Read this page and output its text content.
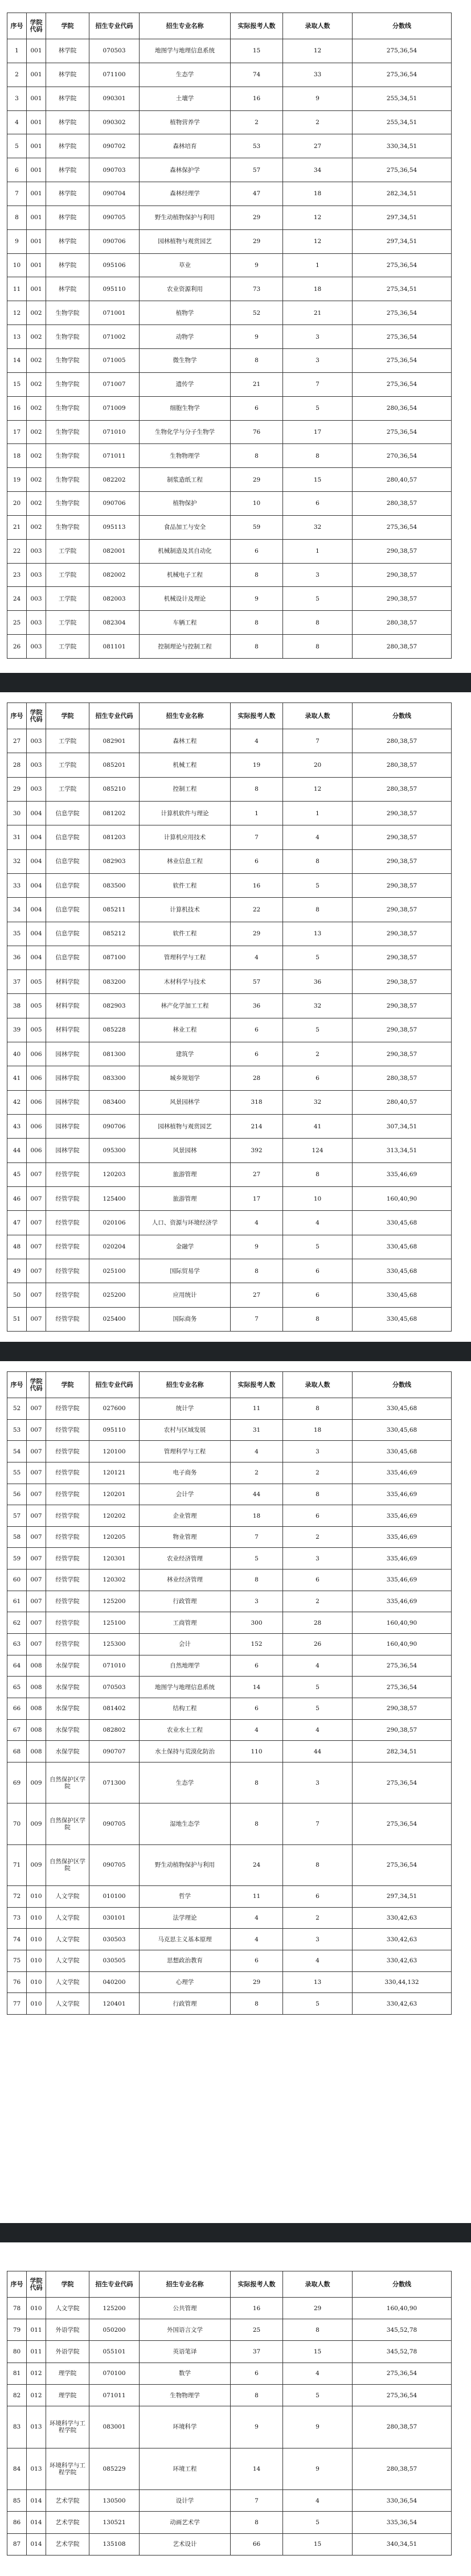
序号	学院代码	学院	招生专业代码	招生专业名称	实际报考人数	录取人数	分数线
1	001	林学院	070503	地图学与地理信息系统	15	12	275,36,54
2	001	林学院	071100	生态学	74	33	275,36,54
3	001	林学院	090301	土壤学	16	9	255,34,51
4	001	林学院	090302	植物营养学	2	2	255,34,51
5	001	林学院	090702	森林培育	53	27	330,34,51
6	001	林学院	090703	森林保护学	57	34	275,36,54
7	001	林学院	090704	森林经理学	47	18	282,34,51
8	001	林学院	090705	野生动植物保护与利用	29	12	297,34,51
9	001	林学院	090706	园林植物与观赏园艺	29	12	297,34,51
10	001	林学院	095106	草业	9	1	275,36,54
11	001	林学院	095110	农业资源利用	73	18	275,34,51
12	002	生物学院	071001	植物学	52	21	275,36,54
13	002	生物学院	071002	动物学	9	3	275,36,54
14	002	生物学院	071005	微生物学	8	3	275,36,54
15	002	生物学院	071007	遗传学	21	7	275,36,54
16	002	生物学院	071009	细胞生物学	6	5	280,36,54
17	002	生物学院	071010	生物化学与分子生物学	76	17	275,36,54
18	002	生物学院	071011	生物物理学	8	8	270,36,54
19	002	生物学院	082202	制浆造纸工程	29	15	280,40,57
20	002	生物学院	090706	植物保护	10	6	280,38,57
21	002	生物学院	095113	食品加工与安全	59	32	275,36,54
22	003	工学院	082001	机械制造及其自动化	6	1	290,38,57
23	003	工学院	082002	机械电子工程	8	3	290,38,57
24	003	工学院	082003	机械设计及理论	9	5	290,38,57
25	003	工学院	082304	车辆工程	8	8	280,38,57
26	003	工学院	081101	控制理论与控制工程	8	8	280,38,57
序号	学院代码	学院	招生专业代码	招生专业名称	实际报考人数	录取人数	分数线
27	003	工学院	082901	森林工程	4	7	280,38,57
28	003	工学院	085201	机械工程	19	20	280,38,57
29	003	工学院	085210	控制工程	8	12	280,38,57
30	004	信息学院	081202	计算机软件与理论	1	1	290,38,57
31	004	信息学院	081203	计算机应用技术	7	4	290,38,57
32	004	信息学院	082903	林业信息工程	6	8	290,38,57
33	004	信息学院	083500	软件工程	16	5	290,38,57
34	004	信息学院	085211	计算机技术	22	8	290,38,57
35	004	信息学院	085212	软件工程	29	13	290,38,57
36	004	信息学院	087100	管理科学与工程	4	5	290,38,57
37	005	材料学院	083200	木材科学与技术	57	36	290,38,57
38	005	材料学院	082903	林产化学加工工程	36	32	290,38,57
39	005	材料学院	085228	林业工程	6	5	290,38,57
40	006	园林学院	081300	建筑学	6	2	290,38,57
41	006	园林学院	083300	城乡规划学	28	6	280,38,57
42	006	园林学院	083400	风景园林学	318	32	280,40,57
43	006	园林学院	090706	园林植物与观赏园艺	214	41	307,34,51
44	006	园林学院	095300	风景园林	392	124	313,34,51
45	007	经管学院	120203	旅游管理	27	8	335,46,69
46	007	经管学院	125400	旅游管理	17	10	160,40,90
47	007	经管学院	020106	人口、资源与环境经济学	4	4	330,45,68
48	007	经管学院	020204	金融学	9	5	330,45,68
49	007	经管学院	025100	国际贸易学	8	6	330,45,68
50	007	经管学院	025200	应用统计	27	6	330,45,68
51	007	经管学院	025400	国际商务	7	8	330,45,68
序号	学院代码	学院	招生专业代码	招生专业名称	实际报考人数	录取人数	分数线
52	007	经管学院	027600	统计学	11	8	330,45,68
53	007	经管学院	095110	农村与区域发展	31	18	330,45,68
54	007	经管学院	120100	管理科学与工程	4	3	330,45,68
55	007	经管学院	120121	电子商务	2	2	335,46,69
56	007	经管学院	120201	会计学	44	8	335,46,69
57	007	经管学院	120202	企业管理	18	6	335,46,69
58	007	经管学院	120205	物业管理	7	2	335,46,69
59	007	经管学院	120301	农业经济管理	5	3	335,46,69
60	007	经管学院	120302	林业经济管理	8	6	335,46,69
61	007	经管学院	125200	行政管理	3	2	335,46,69
62	007	经管学院	125100	工商管理	300	28	160,40,90
63	007	经管学院	125300	会计	152	26	160,40,90
64	008	水保学院	071010	自然地理学	6	4	275,36,54
65	008	水保学院	070503	地图学与地理信息系统	14	5	275,36,54
66	008	水保学院	081402	结构工程	6	5	290,38,57
67	008	水保学院	082802	农业水土工程	4	4	290,38,57
68	008	水保学院	090707	水土保持与荒漠化防治	110	44	282,34,51
69	009	自然保护区学院	071300	生态学	8	3	275,36,54
70	009	自然保护区学院	090705	湿地生态学	8	7	275,36,54
71	009	自然保护区学院	090705	野生动植物保护与利用	24	8	275,36,54
72	010	人文学院	010100	哲学	11	6	297,34,51
73	010	人文学院	030101	法学理论	4	2	330,42,63
74	010	人文学院	030503	马克思主义基本原理	4	3	330,42,63
75	010	人文学院	030505	思想政治教育	6	4	330,42,63
76	010	人文学院	040200	心理学	29	13	330,44,132
77	010	人文学院	120401	行政管理	8	5	330,42,63
序号	学院代码	学院	招生专业代码	招生专业名称	实际报考人数	录取人数	分数线
78	010	人文学院	125200	公共管理	16	29	160,40,90
79	011	外语学院	050200	外国语言文学	25	8	345,52,78
80	011	外语学院	055101	英语笔译	37	15	345,52,78
81	012	理学院	070100	数学	6	4	275,36,54
82	012	理学院	071011	生物物理学	8	5	275,36,54
83	013	环境科学与工程学院	083001	环境科学	9	9	280,38,57
84	013	环境科学与工程学院	085229	环境工程	14	9	280,38,57
85	014	艺术学院	130500	设计学	7	4	330,36,54
86	014	艺术学院	130521	动画艺术学	8	5	335,36,54
87	014	艺术学院	135108	艺术设计	66	15	340,34,51
